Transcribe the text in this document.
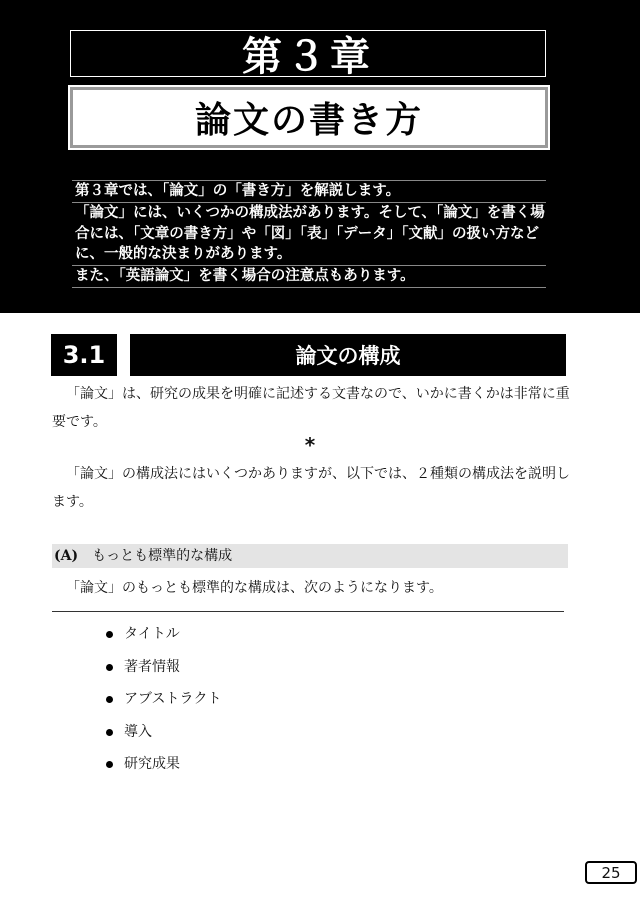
第３章
論文の書き方
第３章では、「論文」の「書き方」を解説します。
「論文」には、いくつかの構成法があります。そして、「論文」を書く場
合には、「文章の書き方」や「図」「表」「データ」「文献」の扱い方など
に、一般的な決まりがあります。
また、「英語論文」を書く場合の注意点もあります。
3.1	論文の構成

「論文」は、研究の成果を明確に記述する文書なので、いかに書くかは非常に重要です。

*

「論文」の構成法にはいくつかありますが、以下では、２種類の構成法を説明します。

(A) もっとも標準的な構成

「論文」のもっとも標準的な構成は、次のようになります。

タイトル
著者情報
アブストラクト
導入
研究成果
25
